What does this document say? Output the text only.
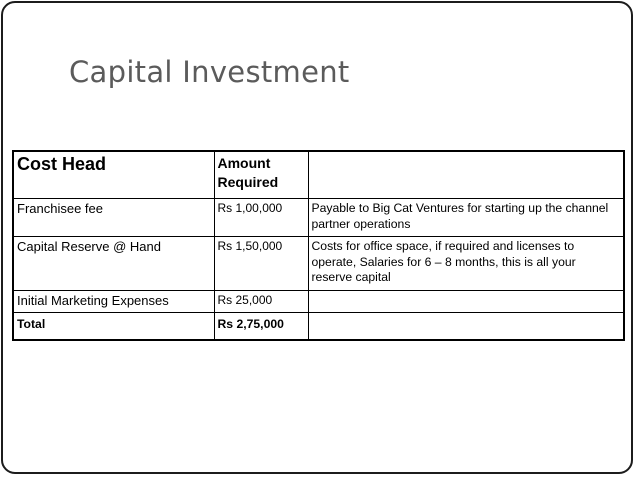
Capital Investment
Cost Head	Amount Required	
Franchisee fee	Rs 1,00,000	Payable to Big Cat Ventures for starting up the channel partner operations
Capital Reserve @ Hand	Rs 1,50,000	Costs for office space, if required and licenses to operate, Salaries for 6 – 8 months, this is all your reserve capital
Initial Marketing Expenses	Rs 25,000	
Total	Rs 2,75,000	
